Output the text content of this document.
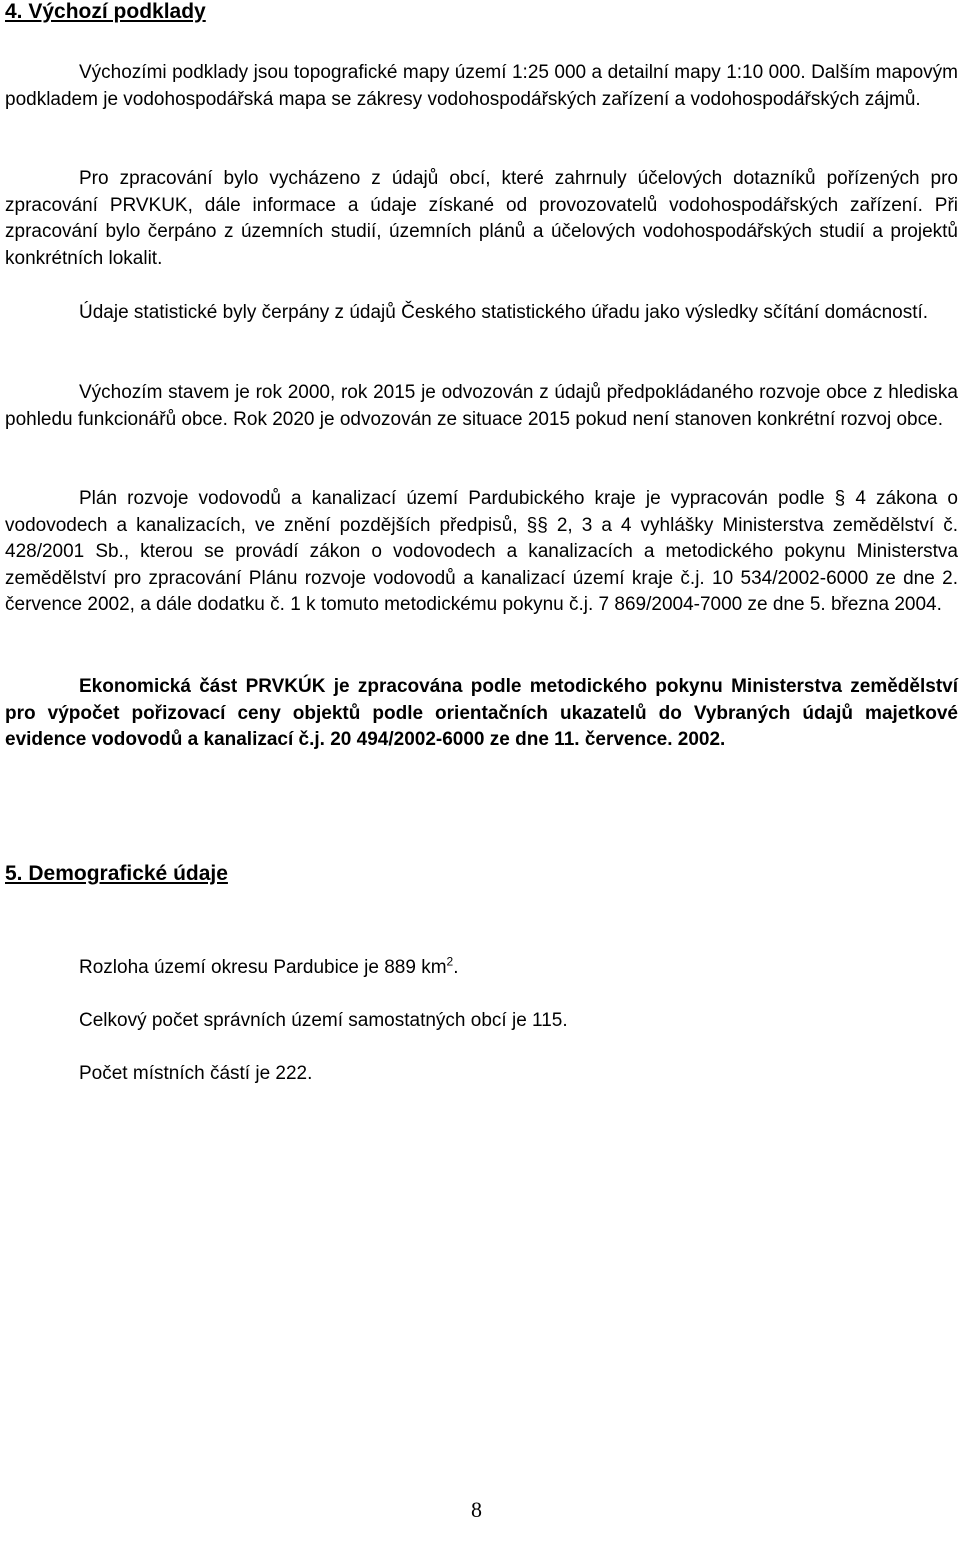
4. Výchozí podklady

Výchozími podklady jsou topografické mapy území 1:25 000 a detailní mapy 1:10 000. Dalším mapovým podkladem je vodohospodářská mapa se zákresy vodohospodářských zařízení a vodohospodářských zájmů.

Pro zpracování bylo vycházeno z údajů obcí, které zahrnuly účelových dotazníků pořízených pro zpracování PRVKUK, dále informace a údaje získané od provozovatelů vodohospodářských zařízení. Při zpracování bylo čerpáno z územních studií, územních plánů a účelových vodohospodářských studií a projektů konkrétních lokalit.

Údaje statistické byly čerpány z údajů Českého statistického úřadu jako výsledky sčítání domácností.

Výchozím stavem je rok 2000, rok 2015 je odvozován z údajů předpokládaného rozvoje obce z hlediska pohledu funkcionářů obce. Rok 2020 je odvozován ze situace 2015 pokud není stanoven konkrétní rozvoj obce.

Plán rozvoje vodovodů a kanalizací území Pardubického kraje je vypracován podle § 4 zákona o vodovodech a kanalizacích, ve znění pozdějších předpisů, §§ 2, 3 a 4 vyhlášky Ministerstva zemědělství č. 428/2001 Sb., kterou se provádí zákon o vodovodech a kanalizacích a metodického pokynu Ministerstva zemědělství pro zpracování Plánu rozvoje vodovodů a kanalizací území kraje č.j. 10 534/2002-6000 ze dne 2. července 2002, a dále dodatku č. 1 k tomuto metodickému pokynu č.j. 7 869/2004-7000 ze dne 5. března 2004.

Ekonomická část PRVKÚK je zpracována podle metodického pokynu Ministerstva zemědělství pro výpočet pořizovací ceny objektů podle orientačních ukazatelů do Vybraných údajů majetkové evidence vodovodů a kanalizací č.j. 20 494/2002-6000 ze dne 11. července. 2002.

5. Demografické údaje
Rozloha území okresu Pardubice je 889 $km^2$.
Celkový počet správních území samostatných obcí je 115.
Počet místních částí je 222.
8
